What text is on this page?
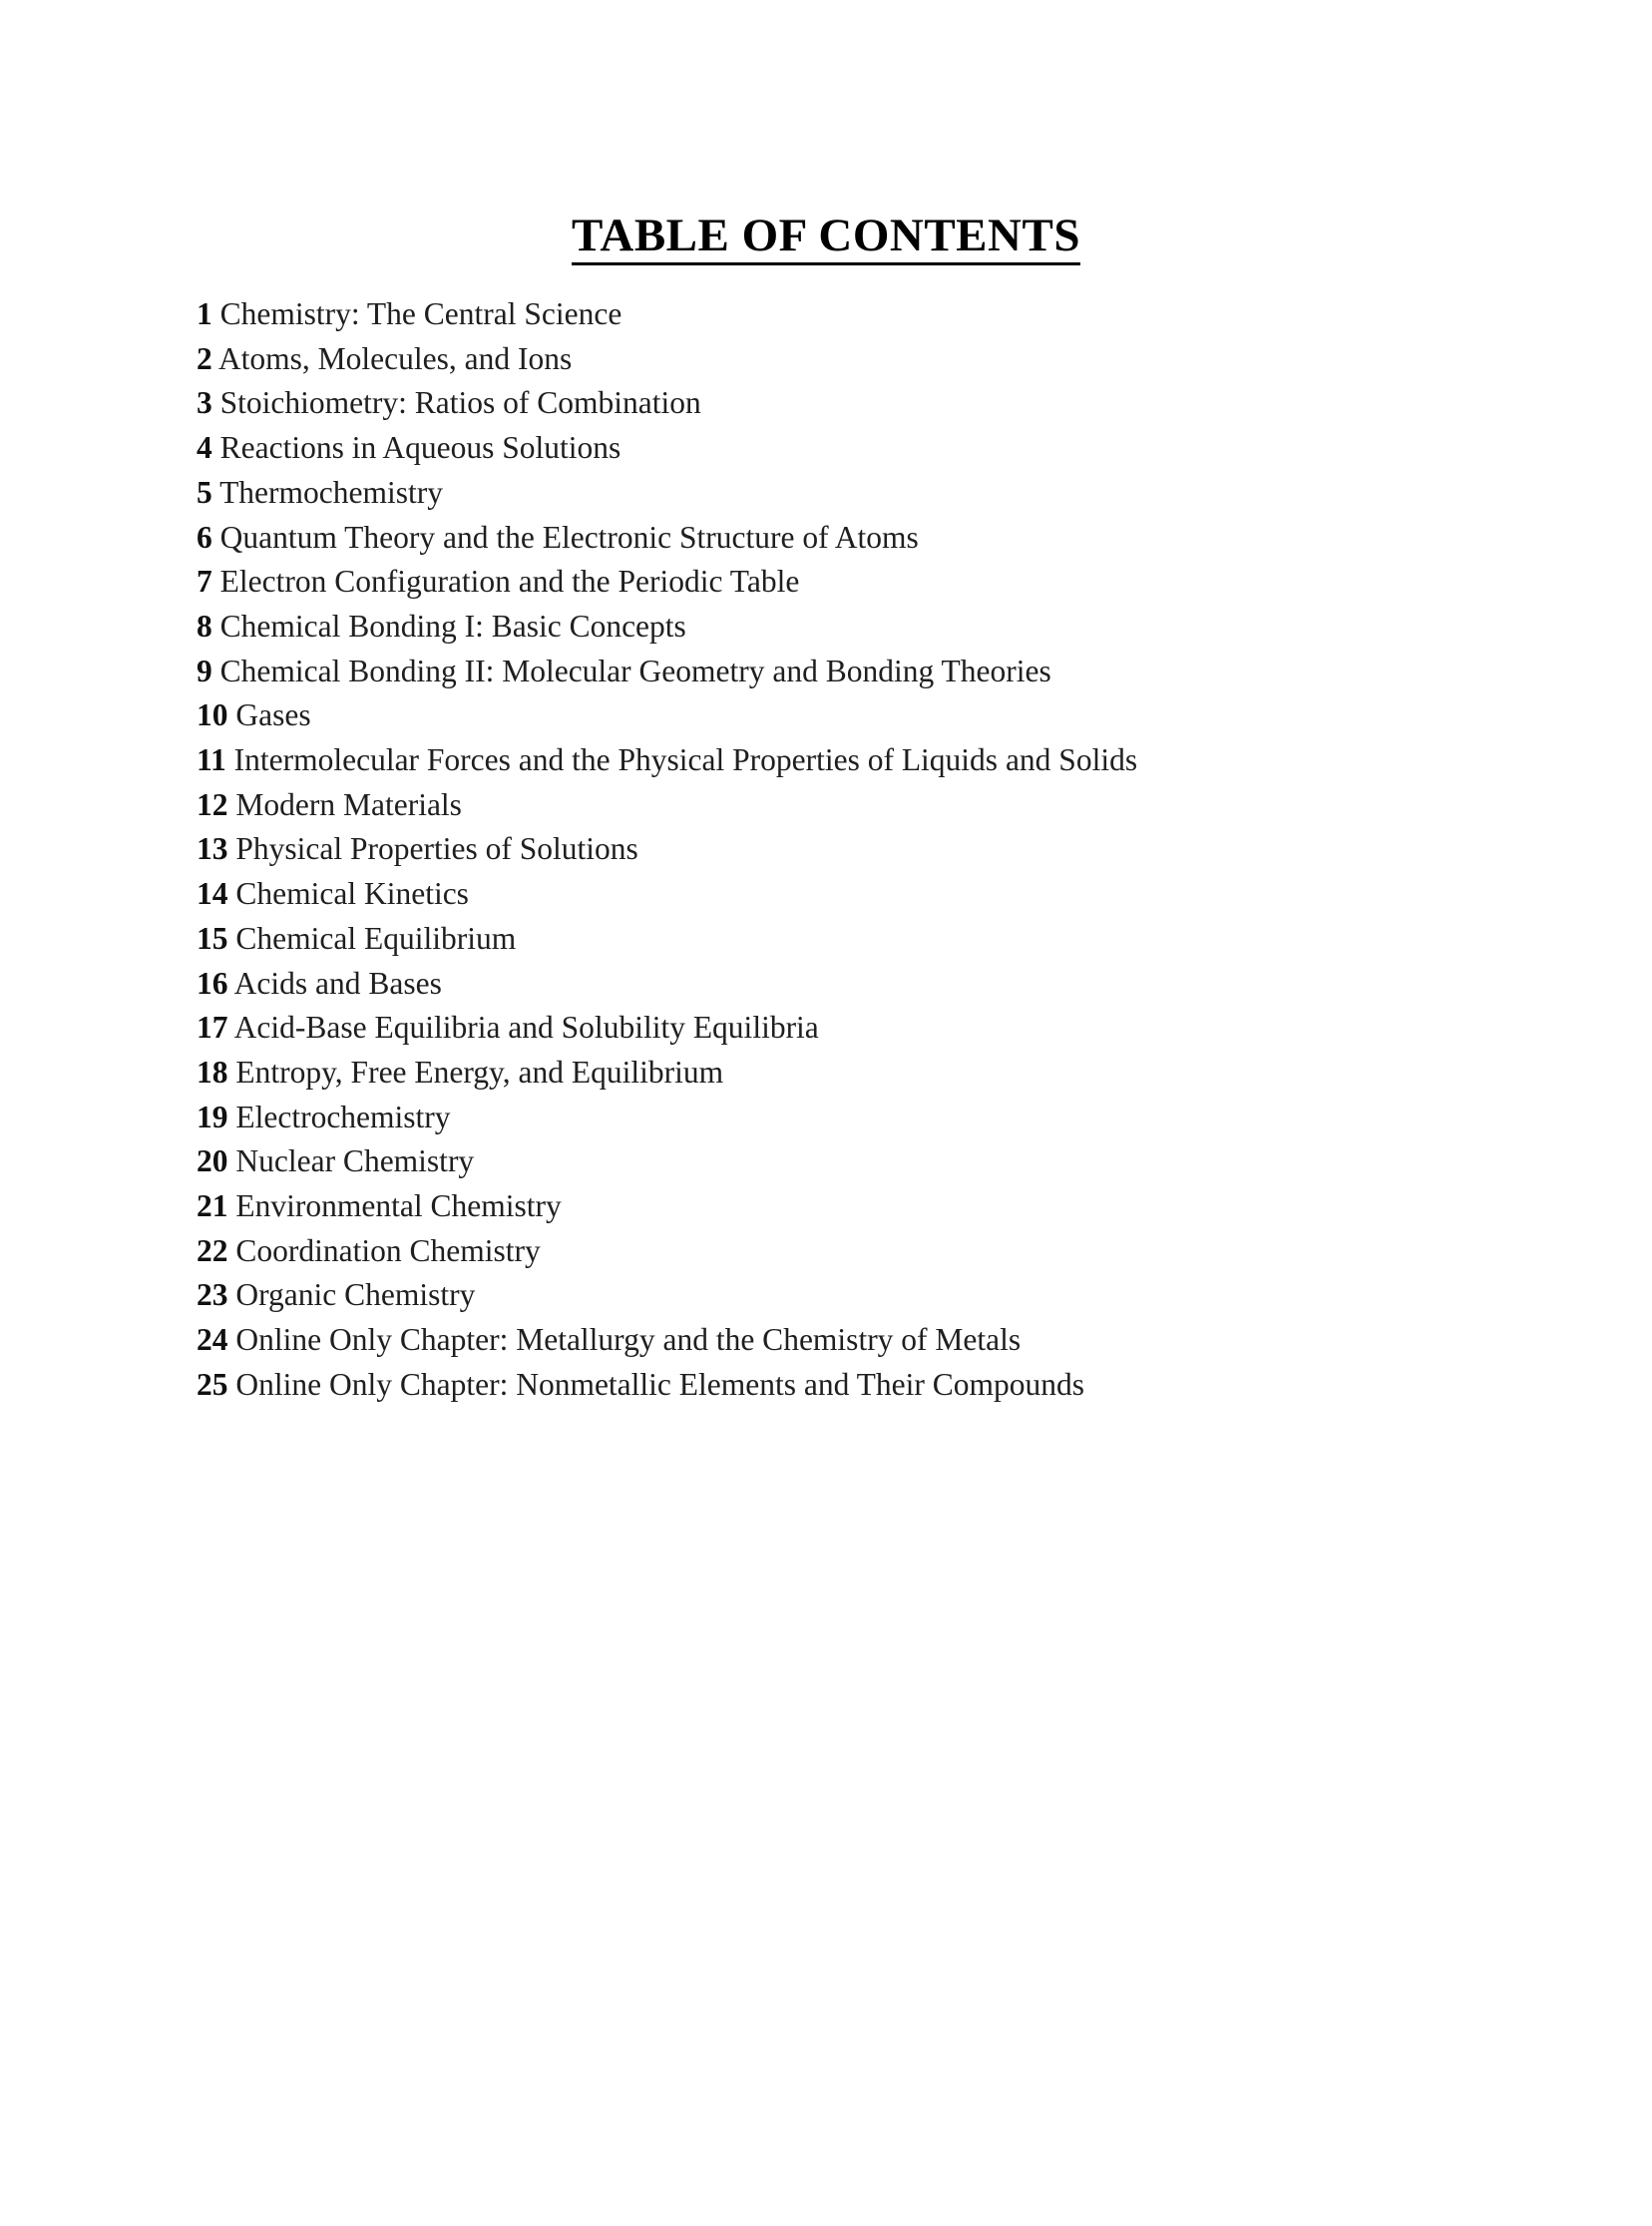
TABLE OF CONTENTS
1 Chemistry: The Central Science
2 Atoms, Molecules, and Ions
3 Stoichiometry: Ratios of Combination
4 Reactions in Aqueous Solutions
5 Thermochemistry
6 Quantum Theory and the Electronic Structure of Atoms
7 Electron Configuration and the Periodic Table
8 Chemical Bonding I: Basic Concepts
9 Chemical Bonding II: Molecular Geometry and Bonding Theories
10 Gases
11 Intermolecular Forces and the Physical Properties of Liquids and Solids
12 Modern Materials
13 Physical Properties of Solutions
14 Chemical Kinetics
15 Chemical Equilibrium
16 Acids and Bases
17 Acid-Base Equilibria and Solubility Equilibria
18 Entropy, Free Energy, and Equilibrium
19 Electrochemistry
20 Nuclear Chemistry
21 Environmental Chemistry
22 Coordination Chemistry
23 Organic Chemistry
24 Online Only Chapter: Metallurgy and the Chemistry of Metals
25 Online Only Chapter: Nonmetallic Elements and Their Compounds
